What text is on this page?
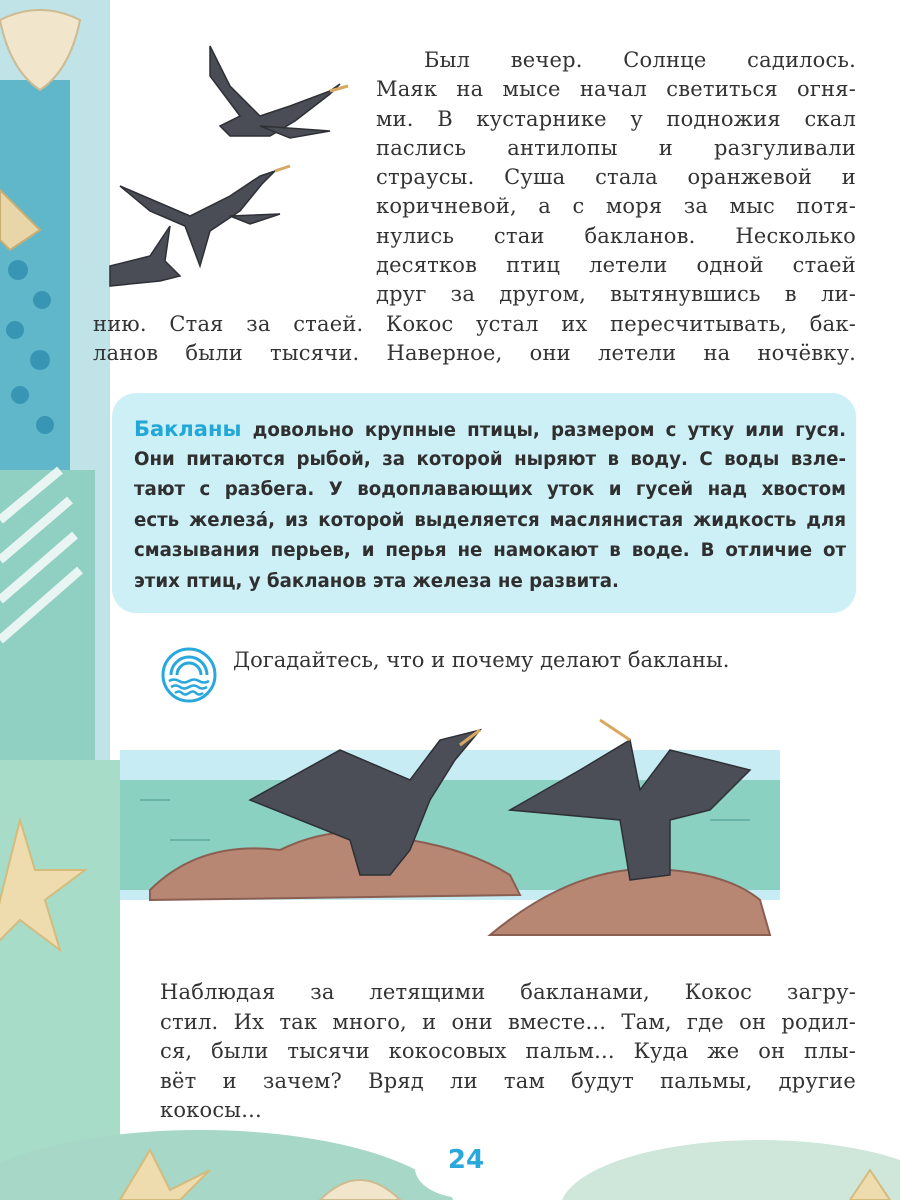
Был вечер. Солнце садилось.
Маяк на мысе начал светиться огня-
ми. В кустарнике у подножия скал
паслись антилопы и разгуливали
страусы. Суша стала оранжевой и
коричневой, а с моря за мыс потя-
нулись стаи бакланов. Несколько
десятков птиц летели одной стаей
друг за другом, вытянувшись в ли-
нию. Стая за стаей. Кокос устал их пересчитывать, бак-
ланов были тысячи. Наверное, они летели на ночёвку.
Бакланы довольно крупные птицы, размером с утку или гуся.
Они питаются рыбой, за которой ныряют в воду. С воды взле-
тают с разбега. У водоплавающих уток и гусей над хвостом
есть железá, из которой выделяется маслянистая жидкость для
смазывания перьев, и перья не намокают в воде. В отличие от
этих птиц, у бакланов эта железа не развита.
Догадайтесь, что и почему делают бакланы.
Наблюдая за летящими бакланами, Кокос загру-
стил. Их так много, и они вместе... Там, где он родил-
ся, были тысячи кокосовых пальм... Куда же он плы-
вёт и зачем? Вряд ли там будут пальмы, другие
кокосы...
24
